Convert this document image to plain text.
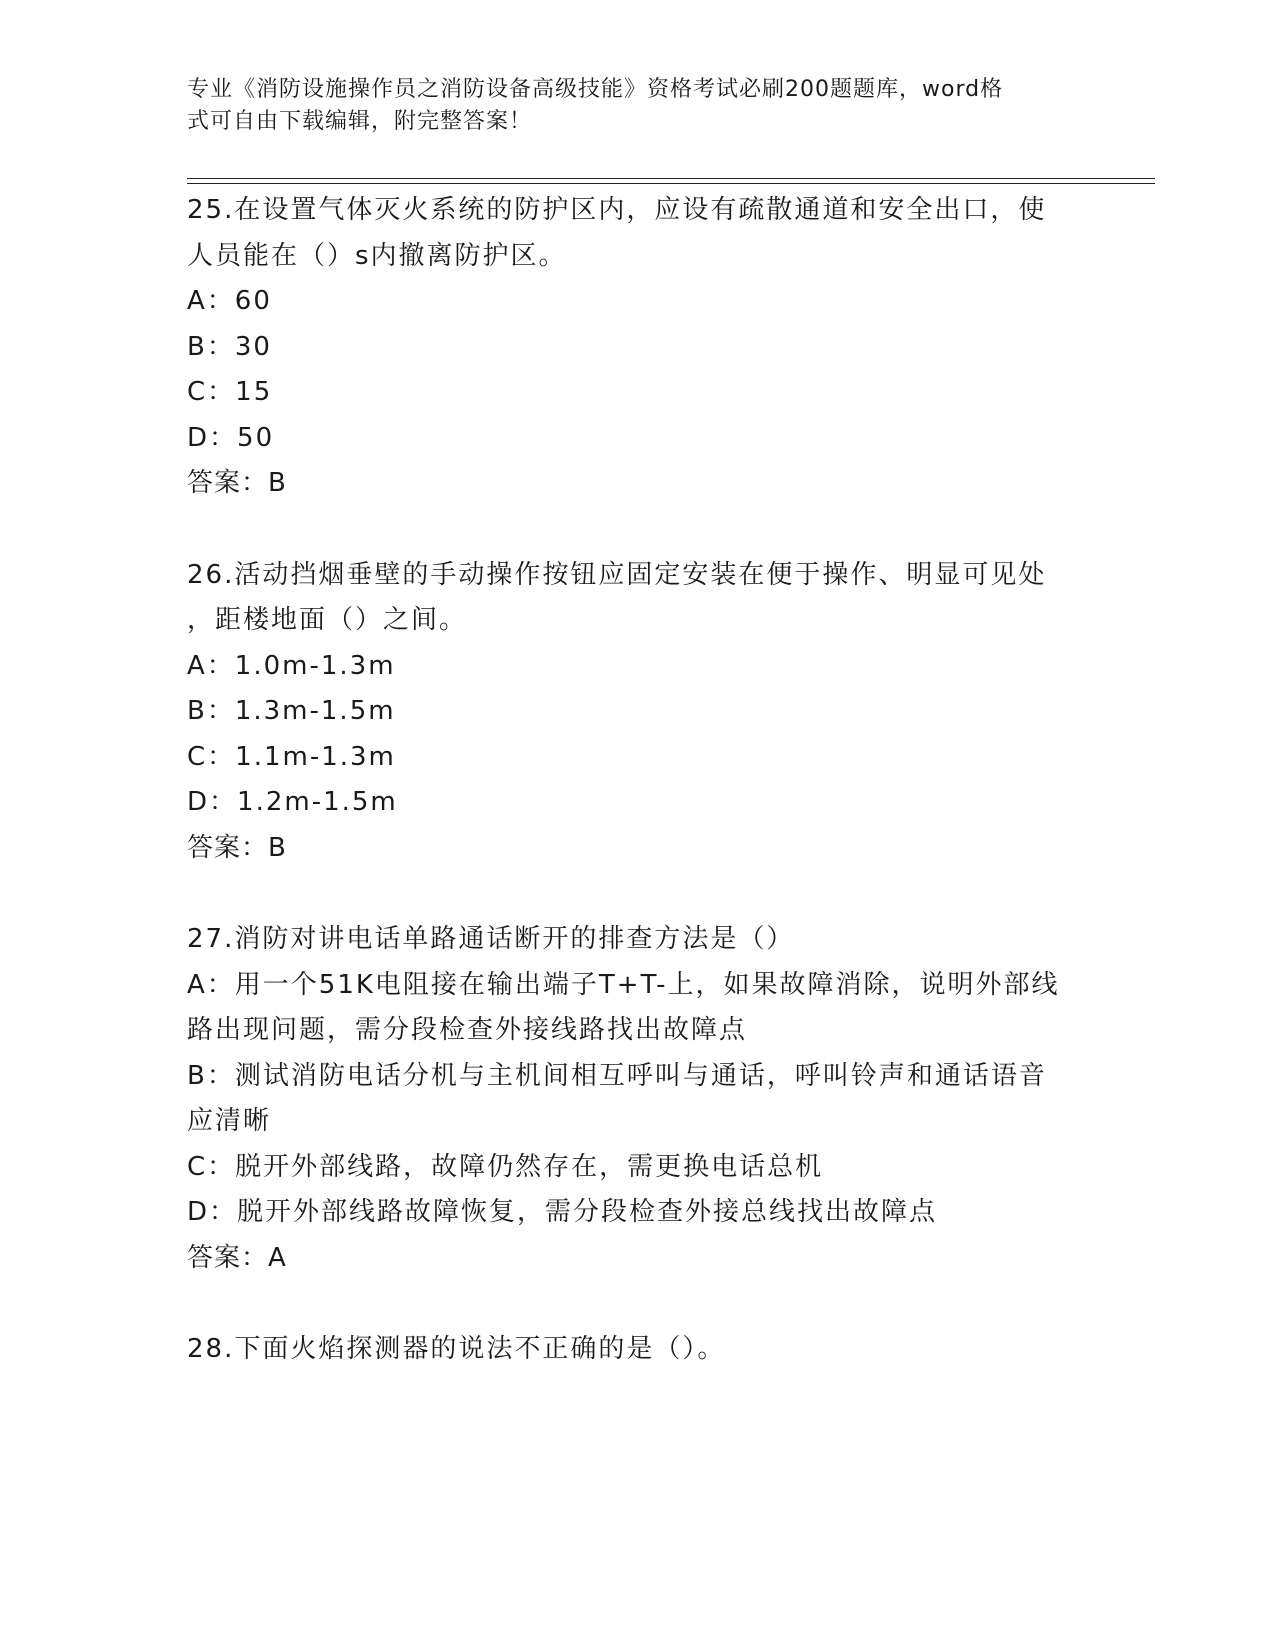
专业《消防设施操作员之消防设备高级技能》资格考试必刷200题题库，word格
式可自由下载编辑，附完整答案！
25.在设置气体灭火系统的防护区内，应设有疏散通道和安全出口，使
人员能在（）s内撤离防护区。
A：60
B：30
C：15
D：50
答案：B
26.活动挡烟垂壁的手动操作按钮应固定安装在便于操作、明显可见处
，距楼地面（）之间。
A：1.0m-1.3m
B：1.3m-1.5m
C：1.1m-1.3m
D：1.2m-1.5m
答案：B
27.消防对讲电话单路通话断开的排查方法是（）
A：用一个51K电阻接在输出端子T+T-上，如果故障消除，说明外部线
路出现问题，需分段检查外接线路找出故障点
B：测试消防电话分机与主机间相互呼叫与通话，呼叫铃声和通话语音
应清晰
C：脱开外部线路，故障仍然存在，需更换电话总机
D：脱开外部线路故障恢复，需分段检查外接总线找出故障点
答案：A
28.下面火焰探测器的说法不正确的是（）。
